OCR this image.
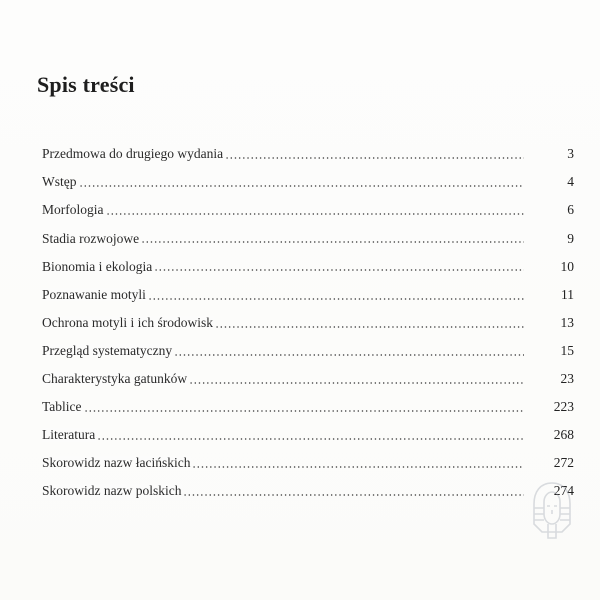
Spis treści
Przedmowa do drugiego wydania	3
Wstęp	4
Morfologia	6
Stadia rozwojowe	9
Bionomia i ekologia	10
Poznawanie motyli	11
Ochrona motyli i ich środowisk	13
Przegląd systematyczny	15
Charakterystyka gatunków	23
Tablice	223
Literatura	268
Skorowidz nazw łacińskich	272
Skorowidz nazw polskich	274
